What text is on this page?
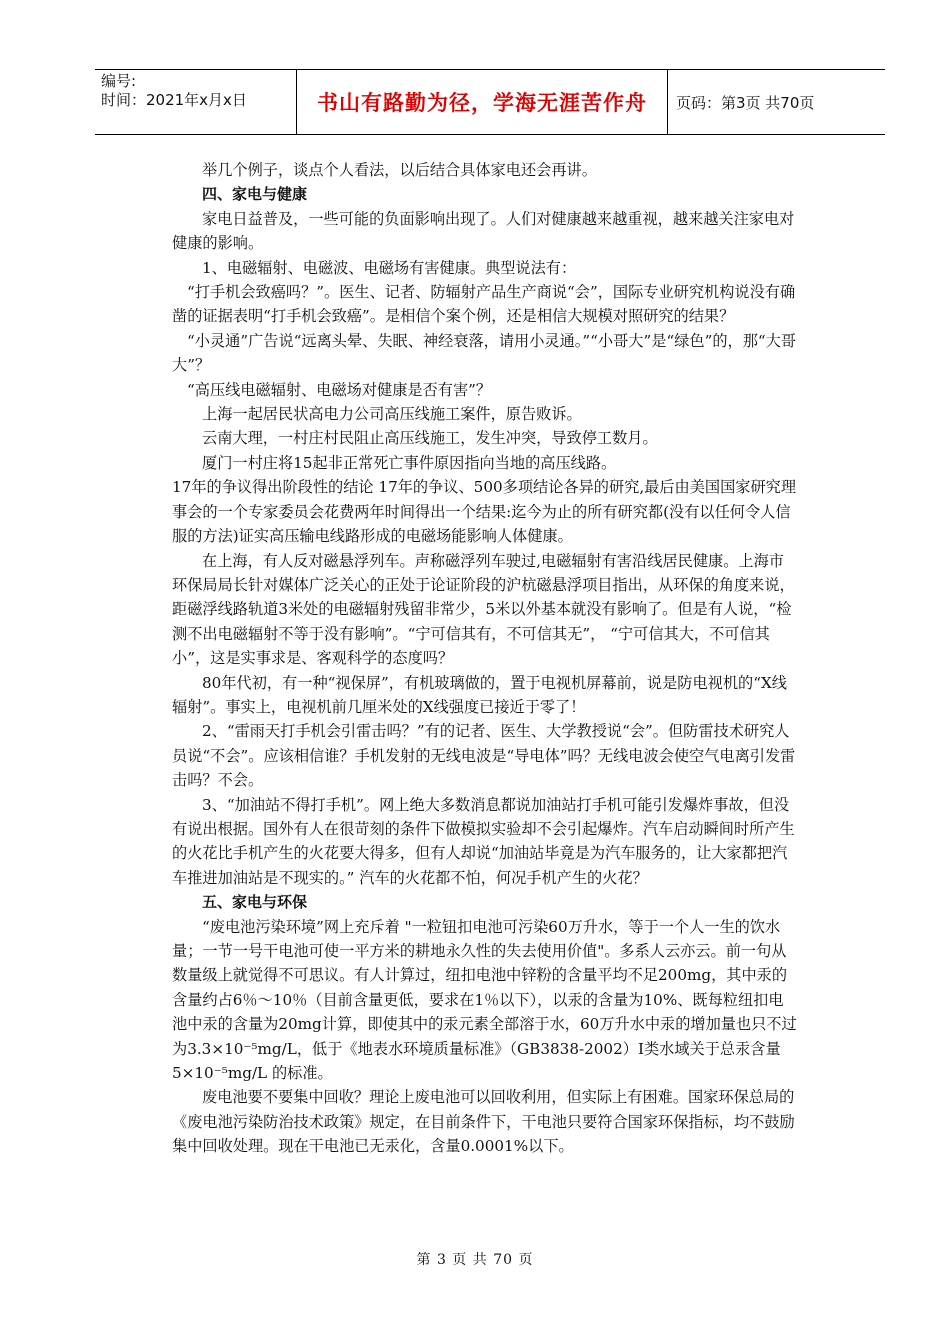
编号:
时间：2021年x月x日	书山有路勤为径，学海无涯苦作舟	页码：第3页 共70页

举几个例子，谈点个人看法，以后结合具体家电还会再讲。

四、家电与健康

家电日益普及，一些可能的负面影响出现了。人们对健康越来越重视，越来越关注家电对健康的影响。

1、电磁辐射、电磁波、电磁场有害健康。典型说法有：

“打手机会致癌吗？”。医生、记者、防辐射产品生产商说“会”，国际专业研究机构说没有确凿的证据表明“打手机会致癌”。是相信个案个例，还是相信大规模对照研究的结果？

“小灵通”广告说“远离头晕、失眠、神经衰落，请用小灵通。”“小哥大”是“绿色”的，那“大哥大”？

“高压线电磁辐射、电磁场对健康是否有害”？

上海一起居民状高电力公司高压线施工案件，原告败诉。

云南大理，一村庄村民阻止高压线施工，发生冲突，导致停工数月。

厦门一村庄将15起非正常死亡事件原因指向当地的高压线路。

17年的争议得出阶段性的结论 17年的争议、500多项结论各异的研究,最后由美国国家研究理事会的一个专家委员会花费两年时间得出一个结果:迄今为止的所有研究都(没有以任何令人信服的方法)证实高压输电线路形成的电磁场能影响人体健康。

在上海，有人反对磁悬浮列车。声称磁浮列车驶过,电磁辐射有害沿线居民健康。上海市环保局局长针对媒体广泛关心的正处于论证阶段的沪杭磁悬浮项目指出，从环保的角度来说，距磁浮线路轨道3米处的电磁辐射残留非常少，5米以外基本就没有影响了。但是有人说，“检测不出电磁辐射不等于没有影响”。“宁可信其有，不可信其无”， “宁可信其大，不可信其小”，这是实事求是、客观科学的态度吗？

80年代初，有一种“视保屏”，有机玻璃做的，置于电视机屏幕前，说是防电视机的“X线辐射”。事实上，电视机前几厘米处的X线强度已接近于零了！

2、“雷雨天打手机会引雷击吗？”有的记者、医生、大学教授说“会”。但防雷技术研究人员说“不会”。应该相信谁？手机发射的无线电波是“导电体”吗？无线电波会使空气电离引发雷击吗？不会。

3、“加油站不得打手机”。网上绝大多数消息都说加油站打手机可能引发爆炸事故，但没有说出根据。国外有人在很苛刻的条件下做模拟实验却不会引起爆炸。汽车启动瞬间时所产生的火花比手机产生的火花要大得多，但有人却说“加油站毕竟是为汽车服务的，让大家都把汽车推进加油站是不现实的。” 汽车的火花都不怕，何况手机产生的火花？

五、家电与环保

“废电池污染环境”网上充斥着 "一粒钮扣电池可污染60万升水，等于一个人一生的饮水量；一节一号干电池可使一平方米的耕地永久性的失去使用价值"。多系人云亦云。前一句从数量级上就觉得不可思议。有人计算过，纽扣电池中锌粉的含量平均不足200mg，其中汞的含量约占6％～10％（目前含量更低，要求在1％以下），以汞的含量为10%、既每粒纽扣电池中汞的含量为20mg计算，即使其中的汞元素全部溶于水，60万升水中汞的增加量也只不过为3.3×10⁻⁵mg/L，低于《地表水环境质量标准》（GB3838-2002）Ⅰ类水域关于总汞含量5×10⁻⁵mg/L 的标准。

废电池要不要集中回收？理论上废电池可以回收利用，但实际上有困难。国家环保总局的《废电池污染防治技术政策》规定，在目前条件下，干电池只要符合国家环保指标，均不鼓励集中回收处理。现在干电池已无汞化，含量0.0001%以下。

第 3 页 共 70 页
